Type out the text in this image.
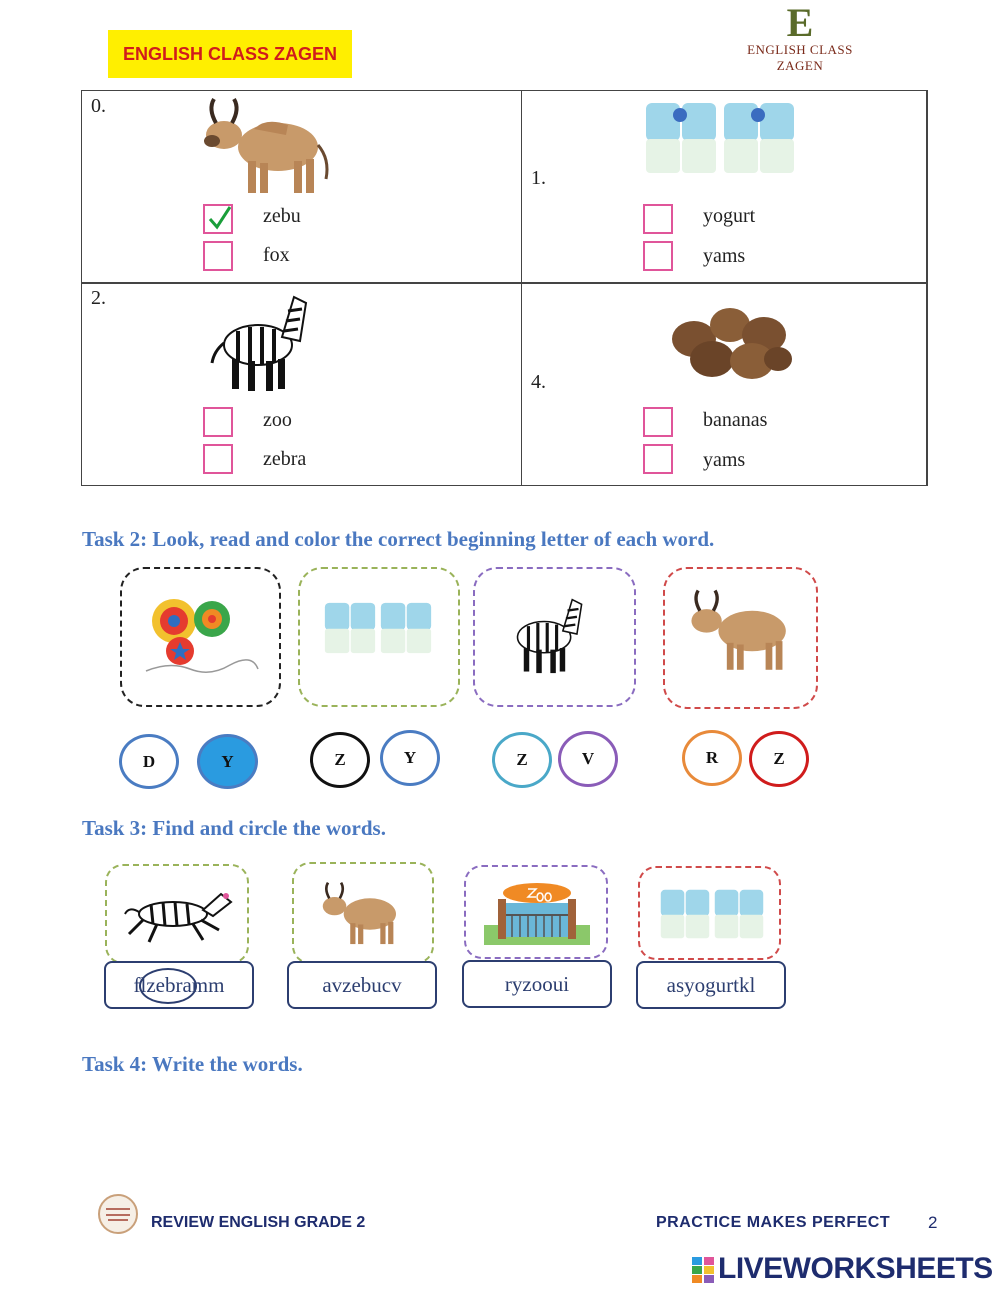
ENGLISH CLASS ZAGEN
E
ENGLISH CLASS ZAGEN
0.
zebu
fox
1.
yogurt
yams
2.
zoo
zebra
4.
bananas
yams
Task 2: Look, read and color the correct beginning letter of each word.
D	Y	Z	Y	Z	V	R	Z
Task 3: Find and circle the words.
flzebramm	avzebucv	ryzooui	asyogurtkl
Task 4: Write the words.
REVIEW ENGLISH GRADE 2	PRACTICE MAKES PERFECT 2
LIVEWORKSHEETS
